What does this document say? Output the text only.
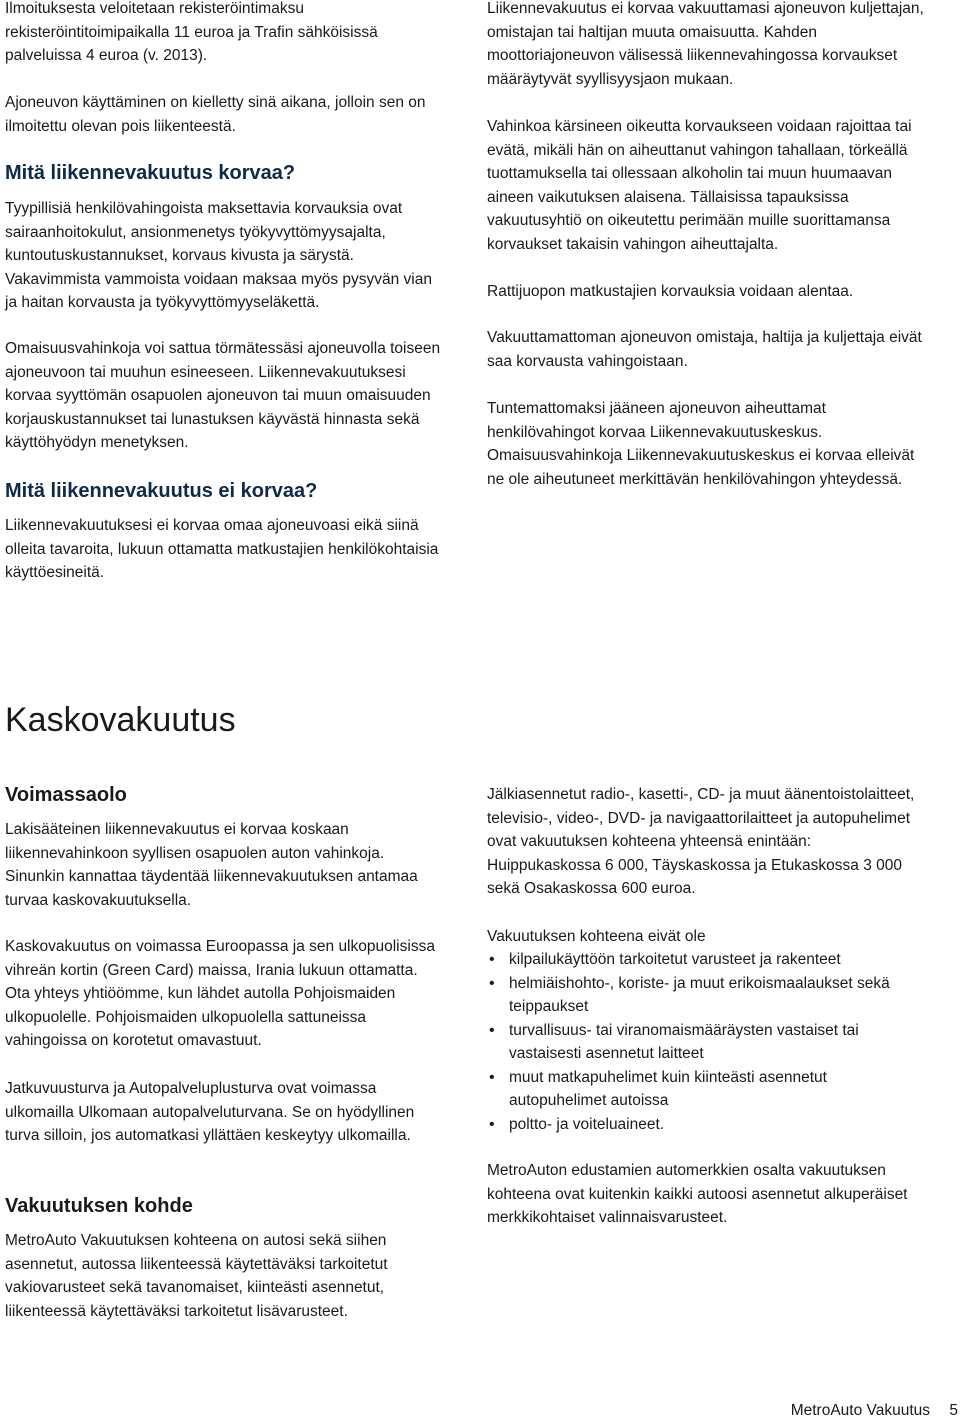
Ilmoituksesta veloitetaan rekisteröintimaksu rekisteröintitoimipaikalla 11 euroa ja Trafin sähköisissä palveluissa 4 euroa (v. 2013).

Ajoneuvon käyttäminen on kielletty sinä aikana, jolloin sen on ilmoitettu olevan pois liikenteestä.

Mitä liikennevakuutus korvaa?

Tyypillisiä henkilövahingoista maksettavia korvauksia ovat sairaanhoitokulut, ansionmenetys työkyvyttömyysajalta, kuntoutuskustannukset, korvaus kivusta ja särystä. Vakavimmista vammoista voidaan maksaa myös pysyvän vian ja haitan korvausta ja työkyvyttömyyseläkettä.

Omaisuusvahinkoja voi sattua törmätessäsi ajoneuvolla toiseen ajoneuvoon tai muuhun esineeseen. Liikennevakuutuksesi korvaa syyttömän osapuolen ajoneuvon tai muun omaisuuden korjauskustannukset tai lunastuksen käyvästä hinnasta sekä käyttöhyödyn menetyksen.

Mitä liikennevakuutus ei korvaa?

Liikennevakuutuksesi ei korvaa omaa ajoneuvoasi eikä siinä olleita tavaroita, lukuun ottamatta matkustajien henkilökohtaisia käyttöesineitä.

Liikennevakuutus ei korvaa vakuuttamasi ajoneuvon kuljettajan, omistajan tai haltijan muuta omaisuutta. Kahden moottoriajoneuvon välisessä liikennevahingossa korvaukset määräytyvät syyllisyysjaon mukaan.

Vahinkoa kärsineen oikeutta korvaukseen voidaan rajoittaa tai evätä, mikäli hän on aiheuttanut vahingon tahallaan, törkeällä tuottamuksella tai ollessaan alkoholin tai muun huumaavan aineen vaikutuksen alaisena. Tällaisissa tapauksissa vakuutusyhtiö on oikeutettu perimään muille suorittamansa korvaukset takaisin vahingon aiheuttajalta.

Rattijuopon matkustajien korvauksia voidaan alentaa.

Vakuuttamattoman ajoneuvon omistaja, haltija ja kuljettaja eivät saa korvausta vahingoistaan.

Tuntemattomaksi jääneen ajoneuvon aiheuttamat henkilövahingot korvaa Liikennevakuutuskeskus. Omaisuusvahinkoja Liikennevakuutuskeskus ei korvaa elleivät ne ole aiheutuneet merkittävän henkilövahingon yhteydessä.

Kaskovakuutus
Voimassaolo

Lakisääteinen liikennevakuutus ei korvaa koskaan liikennevahinkoon syyllisen osapuolen auton vahinkoja. Sinunkin kannattaa täydentää liikennevakuutuksen antamaa turvaa kaskovakuutuksella.

Kaskovakuutus on voimassa Euroopassa ja sen ulkopuolisissa vihreän kortin (Green Card) maissa, Irania lukuun ottamatta. Ota yhteys yhtiöömme, kun lähdet autolla Pohjoismaiden ulkopuolelle. Pohjoismaiden ulkopuolella sattuneissa vahingoissa on korotetut omavastuut.

Jatkuvuusturva ja Autopalveluplusturva ovat voimassa ulkomailla Ulkomaan autopalveluturvana. Se on hyödyllinen turva silloin, jos automatkasi yllättäen keskeytyy ulkomailla.

Vakuutuksen kohde

MetroAuto Vakuutuksen kohteena on autosi sekä siihen asennetut, autossa liikenteessä käytettäväksi tarkoitetut vakiovarusteet sekä tavanomaiset, kiinteästi asennetut, liikenteessä käytettäväksi tarkoitetut lisävarusteet.

Jälkiasennetut radio-, kasetti-, CD- ja muut äänentoistolaitteet, televisio-, video-, DVD- ja navigaattorilaitteet ja autopuhelimet ovat vakuutuksen kohteena yhteensä enintään: Huippukaskossa 6 000, Täyskaskossa ja Etukaskossa 3 000 sekä Osakaskossa 600 euroa.

Vakuutuksen kohteena eivät ole

• kilpailukäyttöön tarkoitetut varusteet ja rakenteet
• helmiäishohto-, koriste- ja muut erikoismaalaukset sekä teippaukset
• turvallisuus- tai viranomaismääräysten vastaiset tai vastaisesti asennetut laitteet
• muut matkapuhelimet kuin kiinteästi asennetut autopuhelimet autoissa
• poltto- ja voiteluaineet.

MetroAuton edustamien automerkkien osalta vakuutuksen kohteena ovat kuitenkin kaikki autoosi asennetut alkuperäiset merkkikohtaiset valinnaisvarusteet.

MetroAuto Vakuutus 5
